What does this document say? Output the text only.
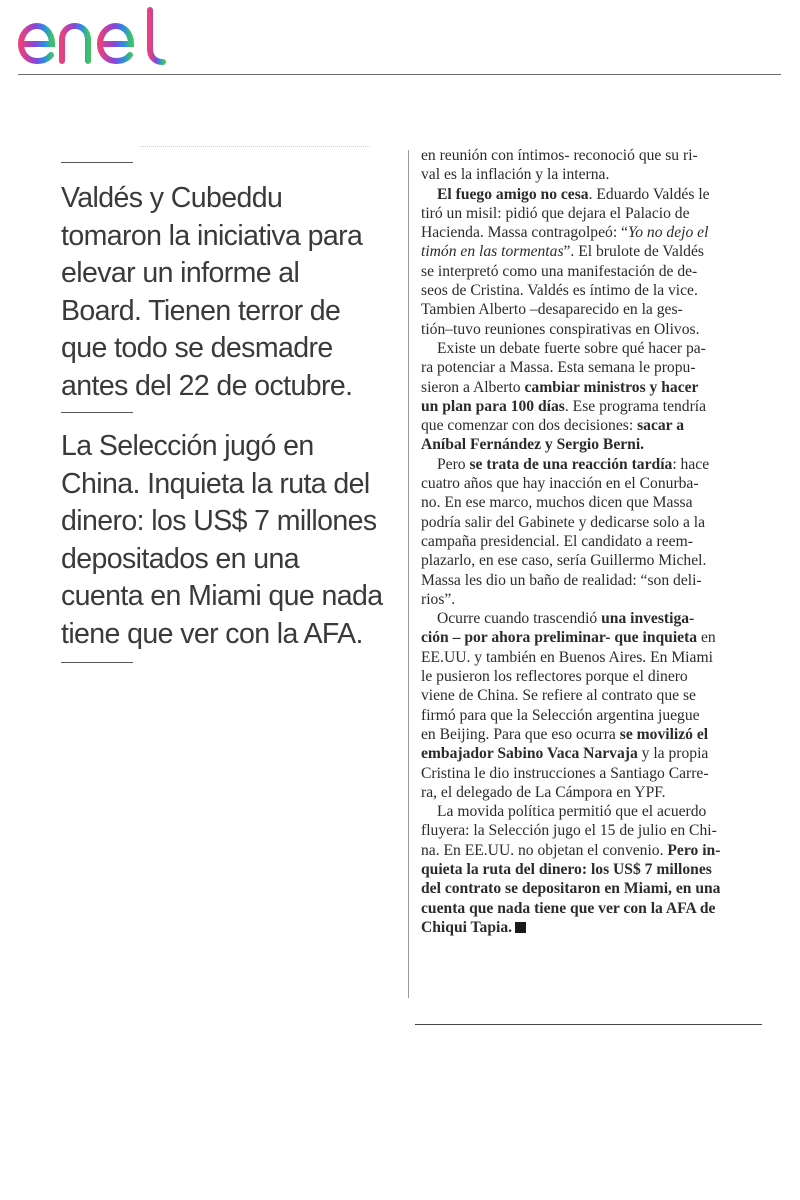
Valdés y Cubeddu
tomaron la iniciativa para
elevar un informe al
Board. Tienen terror de
que todo se desmadre
antes del 22 de octubre.
La Selección jugó en
China. Inquieta la ruta del
dinero: los US$ 7 millones
depositados en una
cuenta en Miami que nada
tiene que ver con la AFA.
en reunión con íntimos- reconoció que su ri-
val es la inflación y la interna.
El fuego amigo no cesa. Eduardo Valdés le
tiró un misil: pidió que dejara el Palacio de
Hacienda. Massa contragolpeó: “Yo no dejo el
timón en las tormentas”. El brulote de Valdés
se interpretó como una manifestación de de-
seos de Cristina. Valdés es íntimo de la vice.
Tambien Alberto –desaparecido en la ges-
tión–tuvo reuniones conspirativas en Olivos.
Existe un debate fuerte sobre qué hacer pa-
ra potenciar a Massa. Esta semana le propu-
sieron a Alberto cambiar ministros y hacer
un plan para 100 días. Ese programa tendría
que comenzar con dos decisiones: sacar a
Aníbal Fernández y Sergio Berni.
Pero se trata de una reacción tardía: hace
cuatro años que hay inacción en el Conurba-
no. En ese marco, muchos dicen que Massa
podría salir del Gabinete y dedicarse solo a la
campaña presidencial. El candidato a reem-
plazarlo, en ese caso, sería Guillermo Michel.
Massa les dio un baño de realidad: “son deli-
rios”.
Ocurre cuando trascendió una investiga-
ción – por ahora preliminar- que inquieta en
EE.UU. y también en Buenos Aires. En Miami
le pusieron los reflectores porque el dinero
viene de China. Se refiere al contrato que se
firmó para que la Selección argentina juegue
en Beijing. Para que eso ocurra se movilizó el
embajador Sabino Vaca Narvaja y la propia
Cristina le dio instrucciones a Santiago Carre-
ra, el delegado de La Cámpora en YPF.
La movida política permitió que el acuerdo
fluyera: la Selección jugo el 15 de julio en Chi-
na. En EE.UU. no objetan el convenio. Pero in-
quieta la ruta del dinero: los US$ 7 millones
del contrato se depositaron en Miami, en una
cuenta que nada tiene que ver con la AFA de
Chiqui Tapia.
